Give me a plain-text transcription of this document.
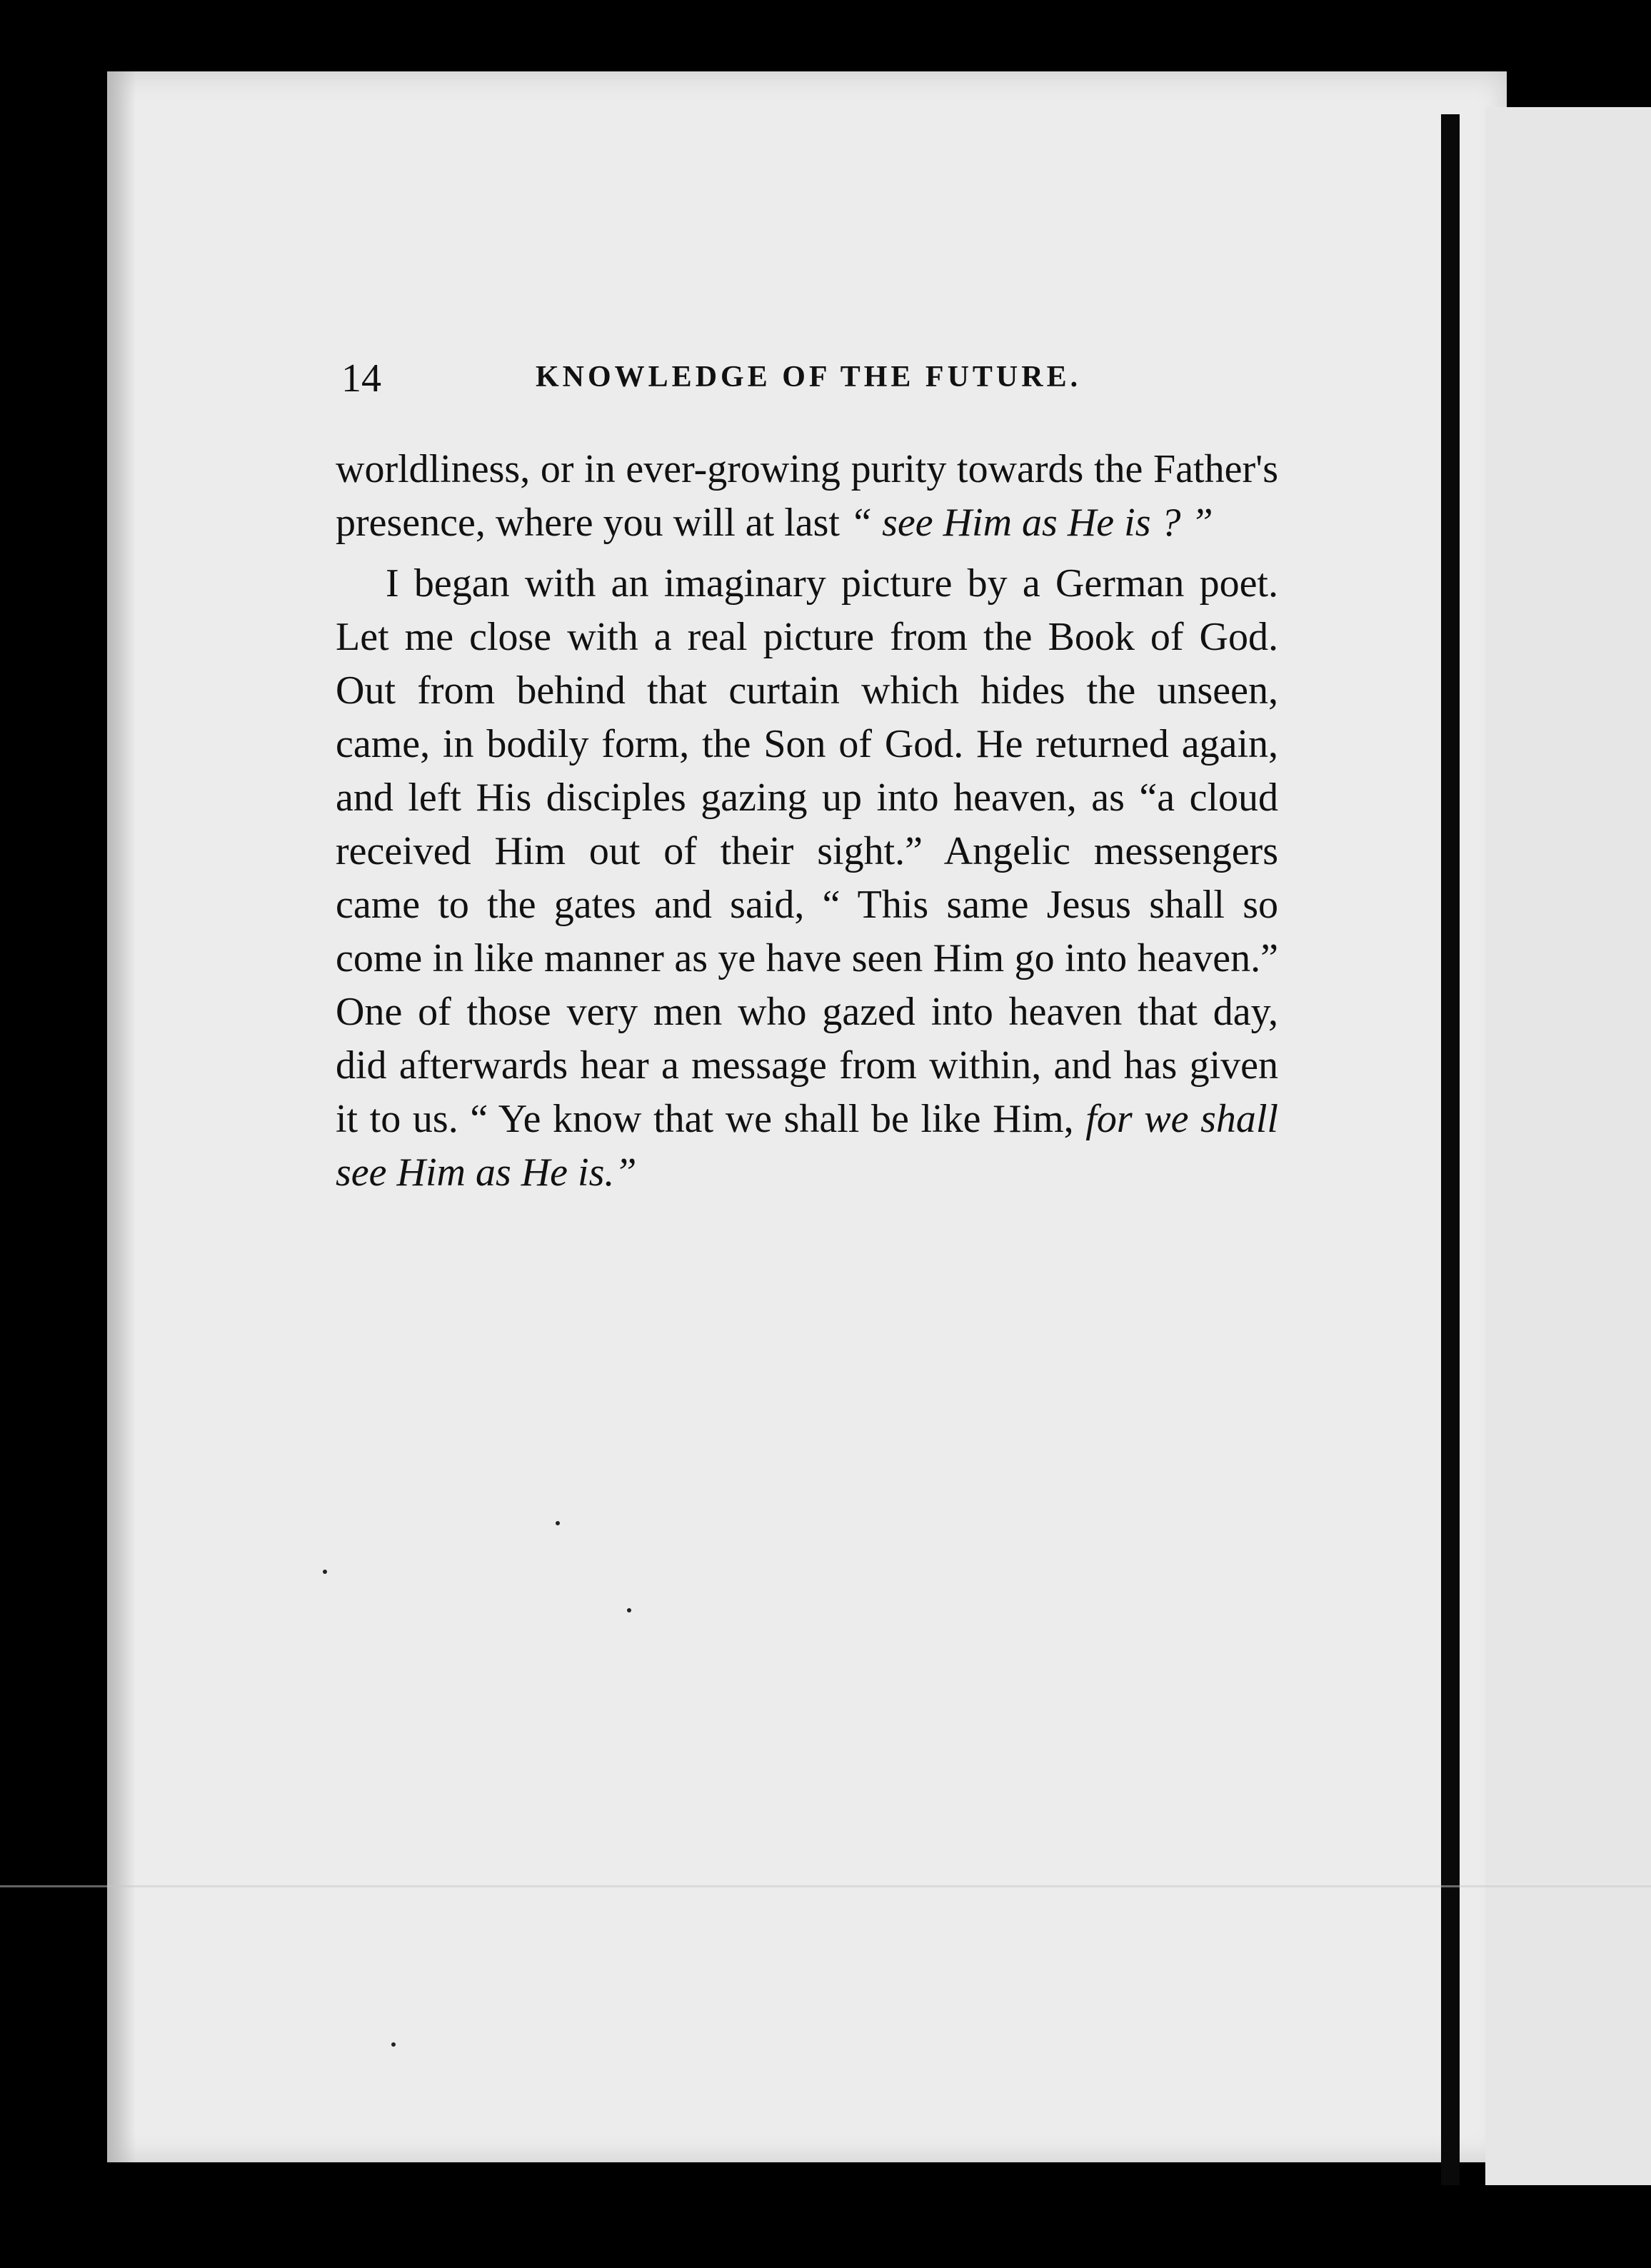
14	KNOWLEDGE OF THE FUTURE.

worldliness, or in ever-growing purity towards the Father's presence, where you will at last “ see Him as He is ? ”

I began with an imaginary picture by a German poet. Let me close with a real picture from the Book of God. Out from behind that curtain which hides the unseen, came, in bodily form, the Son of God. He returned again, and left His disciples gazing up into heaven, as “a cloud received Him out of their sight.” Angelic messengers came to the gates and said, “ This same Jesus shall so come in like manner as ye have seen Him go into heaven.” One of those very men who gazed into heaven that day, did afterwards hear a message from within, and has given it to us. “ Ye know that we shall be like Him, for we shall see Him as He is.”
